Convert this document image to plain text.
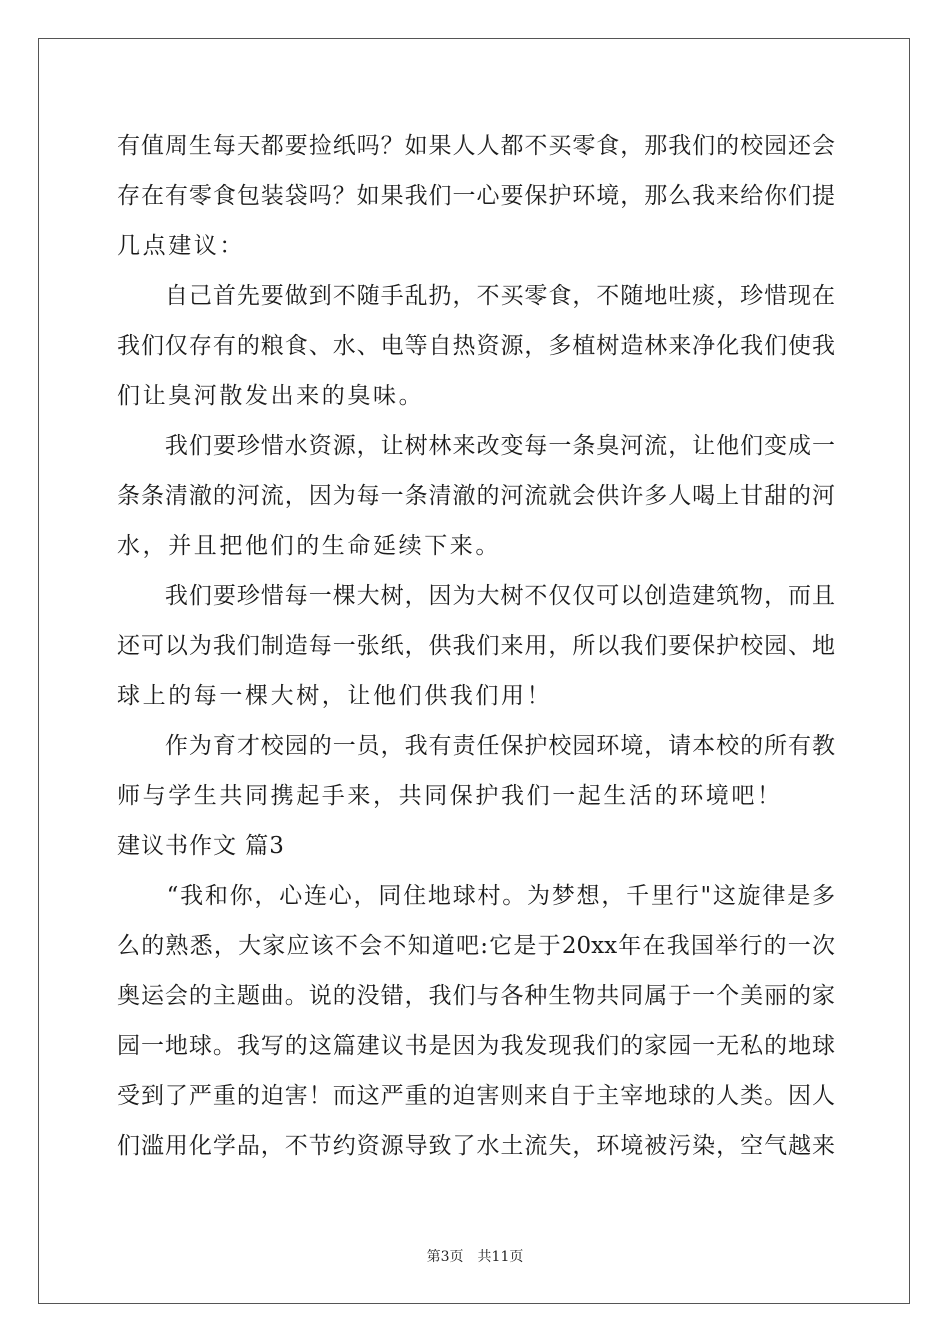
有值周生每天都要捡纸吗？如果人人都不买零食，那我们的校园还会
存在有零食包装袋吗？如果我们一心要保护环境，那么我来给你们提
几点建议：
　　自己首先要做到不随手乱扔，不买零食，不随地吐痰，珍惜现在
我们仅存有的粮食、水、电等自热资源，多植树造林来净化我们使我
们让臭河散发出来的臭味。
　　我们要珍惜水资源，让树林来改变每一条臭河流，让他们变成一
条条清澈的河流，因为每一条清澈的河流就会供许多人喝上甘甜的河
水，并且把他们的生命延续下来。
　　我们要珍惜每一棵大树，因为大树不仅仅可以创造建筑物，而且
还可以为我们制造每一张纸，供我们来用，所以我们要保护校园、地
球上的每一棵大树，让他们供我们用！
　　作为育才校园的一员，我有责任保护校园环境，请本校的所有教
师与学生共同携起手来，共同保护我们一起生活的环境吧！
建议书作文 篇3
　　“我和你，心连心，同住地球村。为梦想，千里行"这旋律是多
么的熟悉，大家应该不会不知道吧:它是于20xx年在我国举行的一次
奥运会的主题曲。说的没错，我们与各种生物共同属于一个美丽的家
园一地球。我写的这篇建议书是因为我发现我们的家园一无私的地球
受到了严重的迫害！而这严重的迫害则来自于主宰地球的人类。因人
们滥用化学品，不节约资源导致了水土流失，环境被污染，空气越来
第3页 共11页
